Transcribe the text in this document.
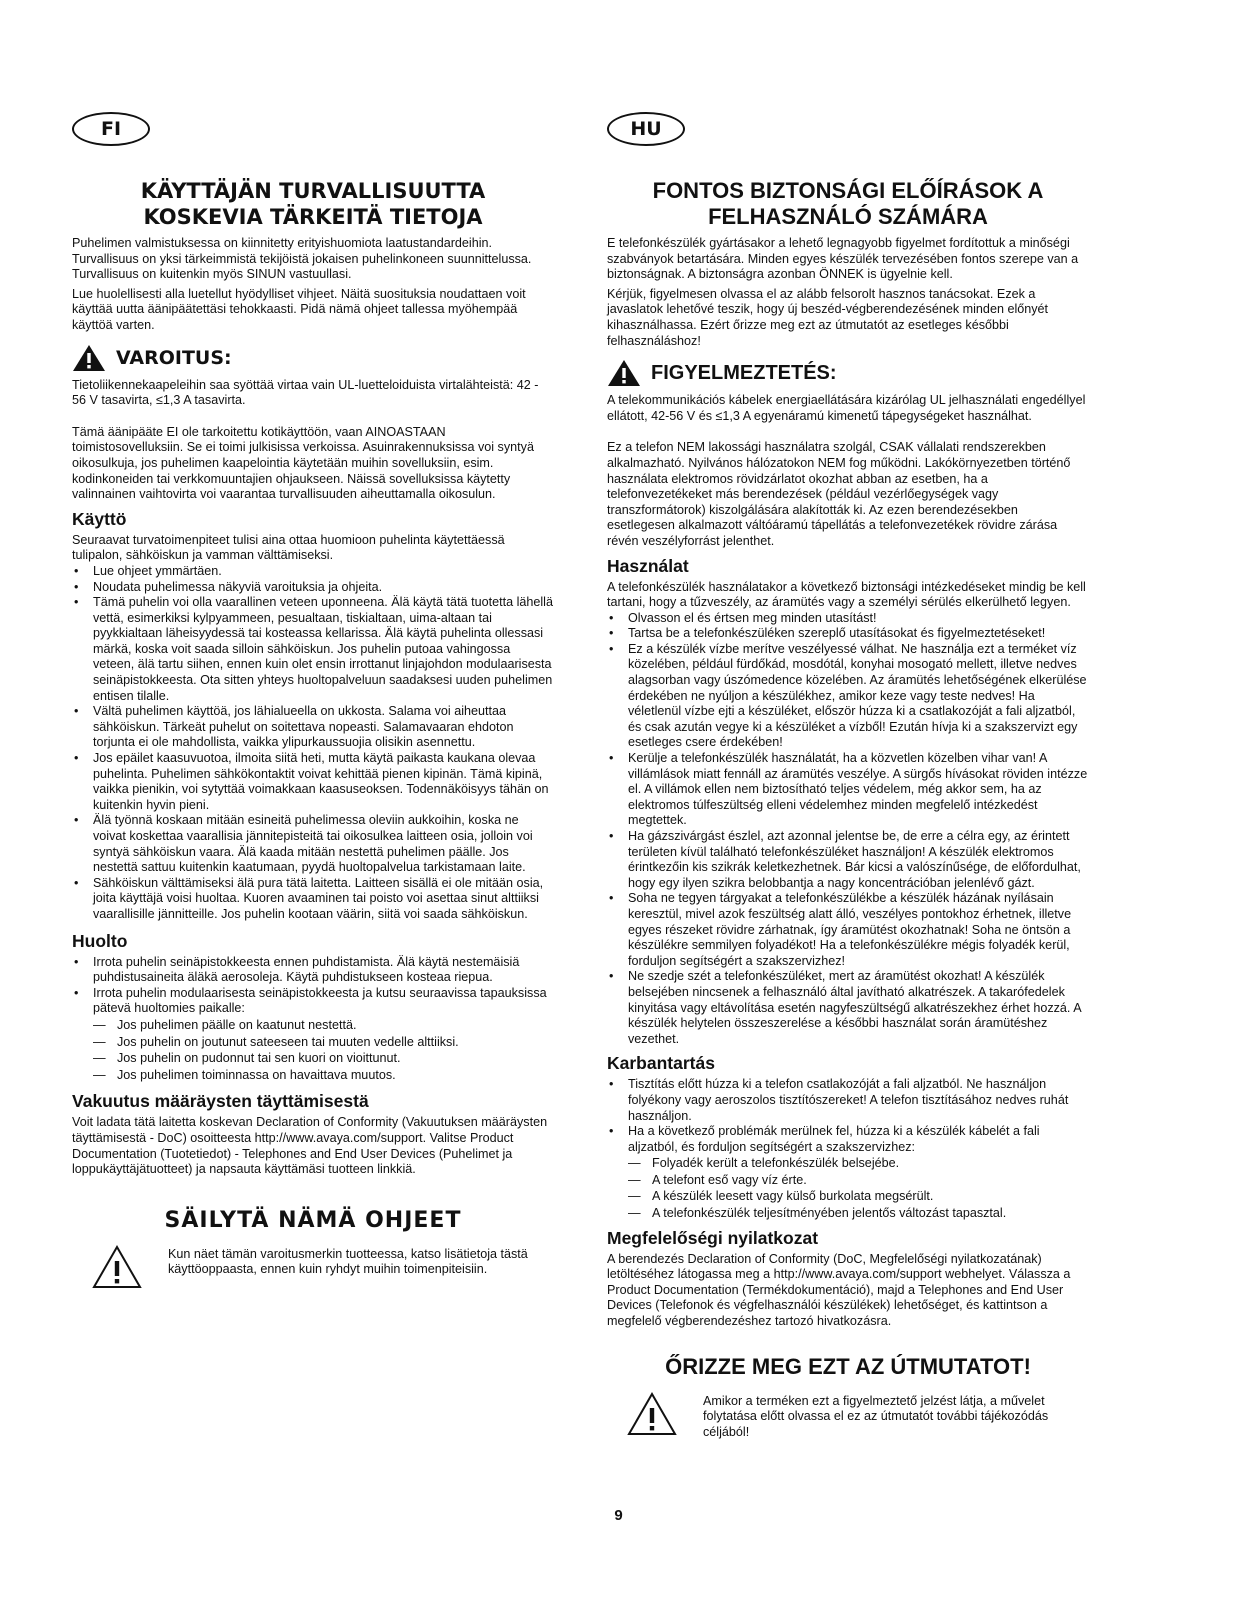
FI
KÄYTTÄJÄN TURVALLISUUTTA
KOSKEVIA TÄRKEITÄ TIETOJA

Puhelimen valmistuksessa on kiinnitetty erityishuomiota laatustandardeihin. Turvallisuus on yksi tärkeimmistä tekijöistä jokaisen puhelinkoneen suunnittelussa. Turvallisuus on kuitenkin myös SINUN vastuullasi.

Lue huolellisesti alla luetellut hyödylliset vihjeet. Näitä suosituksia noudattaen voit käyttää uutta äänipäätettäsi tehokkaasti. Pidä nämä ohjeet tallessa myöhempää käyttöä varten.

VAROITUS:

Tietoliikennekaapeleihin saa syöttää virtaa vain UL-luetteloiduista virtalähteistä: 42 - 56 V tasavirta, ≤1,3 A tasavirta.

Tämä äänipääte EI ole tarkoitettu kotikäyttöön, vaan AINOASTAAN toimistosovelluksiin. Se ei toimi julkisissa verkoissa. Asuinrakennuksissa voi syntyä oikosulkuja, jos puhelimen kaapelointia käytetään muihin sovelluksiin, esim. kodinkoneiden tai verkkomuuntajien ohjaukseen. Näissä sovelluksissa käytetty valinnainen vaihtovirta voi vaarantaa turvallisuuden aiheuttamalla oikosulun.

Käyttö

Seuraavat turvatoimenpiteet tulisi aina ottaa huomioon puhelinta käytettäessä tulipalon, sähköiskun ja vamman välttämiseksi.

• Lue ohjeet ymmärtäen.
• Noudata puhelimessa näkyviä varoituksia ja ohjeita.
• Tämä puhelin voi olla vaarallinen veteen uponneena. Älä käytä tätä tuotetta lähellä vettä, esimerkiksi kylpyammeen, pesualtaan, tiskialtaan, uima-altaan tai pyykkialtaan läheisyydessä tai kosteassa kellarissa. Älä käytä puhelinta ollessasi märkä, koska voit saada silloin sähköiskun. Jos puhelin putoaa vahingossa veteen, älä tartu siihen, ennen kuin olet ensin irrottanut linjajohdon modulaarisesta seinäpistokkeesta. Ota sitten yhteys huoltopalveluun saadaksesi uuden puhelimen entisen tilalle.
• Vältä puhelimen käyttöä, jos lähialueella on ukkosta. Salama voi aiheuttaa sähköiskun. Tärkeät puhelut on soitettava nopeasti. Salamavaaran ehdoton torjunta ei ole mahdollista, vaikka ylipurkaussuojia olisikin asennettu.
• Jos epäilet kaasuvuotoa, ilmoita siitä heti, mutta käytä paikasta kaukana olevaa puhelinta. Puhelimen sähkökontaktit voivat kehittää pienen kipinän. Tämä kipinä, vaikka pienikin, voi sytyttää voimakkaan kaasuseoksen. Todennäköisyys tähän on kuitenkin hyvin pieni.
• Älä työnnä koskaan mitään esineitä puhelimessa oleviin aukkoihin, koska ne voivat koskettaa vaarallisia jännitepisteitä tai oikosulkea laitteen osia, jolloin voi syntyä sähköiskun vaara. Älä kaada mitään nestettä puhelimen päälle. Jos nestettä sattuu kuitenkin kaatumaan, pyydä huoltopalvelua tarkistamaan laite.
• Sähköiskun välttämiseksi älä pura tätä laitetta. Laitteen sisällä ei ole mitään osia, joita käyttäjä voisi huoltaa. Kuoren avaaminen tai poisto voi asettaa sinut alttiiksi vaarallisille jännitteille. Jos puhelin kootaan väärin, siitä voi saada sähköiskun.
Huolto
• Irrota puhelin seinäpistokkeesta ennen puhdistamista. Älä käytä nestemäisiä puhdistusaineita äläkä aerosoleja. Käytä puhdistukseen kosteaa riepua.
• Irrota puhelin modulaarisesta seinäpistokkeesta ja kutsu seuraavissa tapauksissa pätevä huoltomies paikalle:
— Jos puhelimen päälle on kaatunut nestettä.
— Jos puhelin on joutunut sateeseen tai muuten vedelle alttiiksi.
— Jos puhelin on pudonnut tai sen kuori on vioittunut.
— Jos puhelimen toiminnassa on havaittava muutos.
Vakuutus määräysten täyttämisestä

Voit ladata tätä laitetta koskevan Declaration of Conformity (Vakuutuksen määräysten täyttämisestä - DoC) osoitteesta http://www.avaya.com/support. Valitse Product Documentation (Tuotetiedot) - Telephones and End User Devices (Puhelimet ja loppukäyttäjätuotteet) ja napsauta käyttämäsi tuotteen linkkiä.

SÄILYTÄ NÄMÄ OHJEET

Kun näet tämän varoitusmerkin tuotteessa, katso lisätietoja tästä käyttöoppaasta, ennen kuin ryhdyt muihin toimenpiteisiin.

HU
FONTOS BIZTONSÁGI ELŐÍRÁSOK A
FELHASZNÁLÓ SZÁMÁRA

E telefonkészülék gyártásakor a lehető legnagyobb figyelmet fordítottuk a minőségi szabványok betartására. Minden egyes készülék tervezésében fontos szerepe van a biztonságnak. A biztonságra azonban ÖNNEK is ügyelnie kell.

Kérjük, figyelmesen olvassa el az alább felsorolt hasznos tanácsokat. Ezek a javaslatok lehetővé teszik, hogy új beszéd-végberendezésének minden előnyét kihasználhassa. Ezért őrizze meg ezt az útmutatót az esetleges későbbi felhasználáshoz!

FIGYELMEZTETÉS:

A telekommunikációs kábelek energiaellátására kizárólag UL jelhasználati engedéllyel ellátott, 42-56 V és ≤1,3 A egyenáramú kimenetű tápegységeket használhat.

Ez a telefon NEM lakossági használatra szolgál, CSAK vállalati rendszerekben alkalmazható. Nyilvános hálózatokon NEM fog működni. Lakókörnyezetben történő használata elektromos rövidzárlatot okozhat abban az esetben, ha a telefonvezetékeket más berendezések (például vezérlőegységek vagy transzformátorok) kiszolgálására alakították ki. Az ezen berendezésekben esetlegesen alkalmazott váltóáramú tápellátás a telefonvezetékek rövidre zárása révén veszélyforrást jelenthet.

Használat

A telefonkészülék használatakor a következő biztonsági intézkedéseket mindig be kell tartani, hogy a tűzveszély, az áramütés vagy a személyi sérülés elkerülhető legyen.

• Olvasson el és értsen meg minden utasítást!
• Tartsa be a telefonkészüléken szereplő utasításokat és figyelmeztetéseket!
• Ez a készülék vízbe merítve veszélyessé válhat. Ne használja ezt a terméket víz közelében, például fürdőkád, mosdótál, konyhai mosogató mellett, illetve nedves alagsorban vagy úszómedence közelében. Az áramütés lehetőségének elkerülése érdekében ne nyúljon a készülékhez, amikor keze vagy teste nedves! Ha véletlenül vízbe ejti a készüléket, először húzza ki a csatlakozóját a fali aljzatból, és csak azután vegye ki a készüléket a vízből! Ezután hívja ki a szakszervizt egy esetleges csere érdekében!
• Kerülje a telefonkészülék használatát, ha a közvetlen közelben vihar van! A villámlások miatt fennáll az áramütés veszélye. A sürgős hívásokat röviden intézze el. A villámok ellen nem biztosítható teljes védelem, még akkor sem, ha az elektromos túlfeszültség elleni védelemhez minden megfelelő intézkedést megtettek.
• Ha gázszivárgást észlel, azt azonnal jelentse be, de erre a célra egy, az érintett területen kívül található telefonkészüléket használjon! A készülék elektromos érintkezőin kis szikrák keletkezhetnek. Bár kicsi a valószínűsége, de előfordulhat, hogy egy ilyen szikra belobbantja a nagy koncentrációban jelenlévő gázt.
• Soha ne tegyen tárgyakat a telefonkészülékbe a készülék házának nyílásain keresztül, mivel azok feszültség alatt álló, veszélyes pontokhoz érhetnek, illetve egyes részeket rövidre zárhatnak, így áramütést okozhatnak! Soha ne öntsön a készülékre semmilyen folyadékot! Ha a telefonkészülékre mégis folyadék kerül, forduljon segítségért a szakszervizhez!
• Ne szedje szét a telefonkészüléket, mert az áramütést okozhat! A készülék belsejében nincsenek a felhasználó által javítható alkatrészek. A takarófedelek kinyitása vagy eltávolítása esetén nagyfeszültségű alkatrészekhez érhet hozzá. A készülék helytelen összeszerelése a későbbi használat során áramütéshez vezethet.
Karbantartás
• Tisztítás előtt húzza ki a telefon csatlakozóját a fali aljzatból. Ne használjon folyékony vagy aeroszolos tisztítószereket! A telefon tisztításához nedves ruhát használjon.
• Ha a következő problémák merülnek fel, húzza ki a készülék kábelét a fali aljzatból, és forduljon segítségért a szakszervizhez:
— Folyadék került a telefonkészülék belsejébe.
— A telefont eső vagy víz érte.
— A készülék leesett vagy külső burkolata megsérült.
— A telefonkészülék teljesítményében jelentős változást tapasztal.
Megfelelőségi nyilatkozat

A berendezés Declaration of Conformity (DoC, Megfelelőségi nyilatkozatának) letöltéséhez látogassa meg a http://www.avaya.com/support webhelyet. Válassza a Product Documentation (Termékdokumentáció), majd a Telephones and End User Devices (Telefonok és végfelhasználói készülékek) lehetőséget, és kattintson a megfelelő végberendezéshez tartozó hivatkozásra.

ŐRIZZE MEG EZT AZ ÚTMUTATOT!

Amikor a terméken ezt a figyelmeztető jelzést látja, a művelet folytatása előtt olvassa el ez az útmutatót további tájékozódás céljából!

9
